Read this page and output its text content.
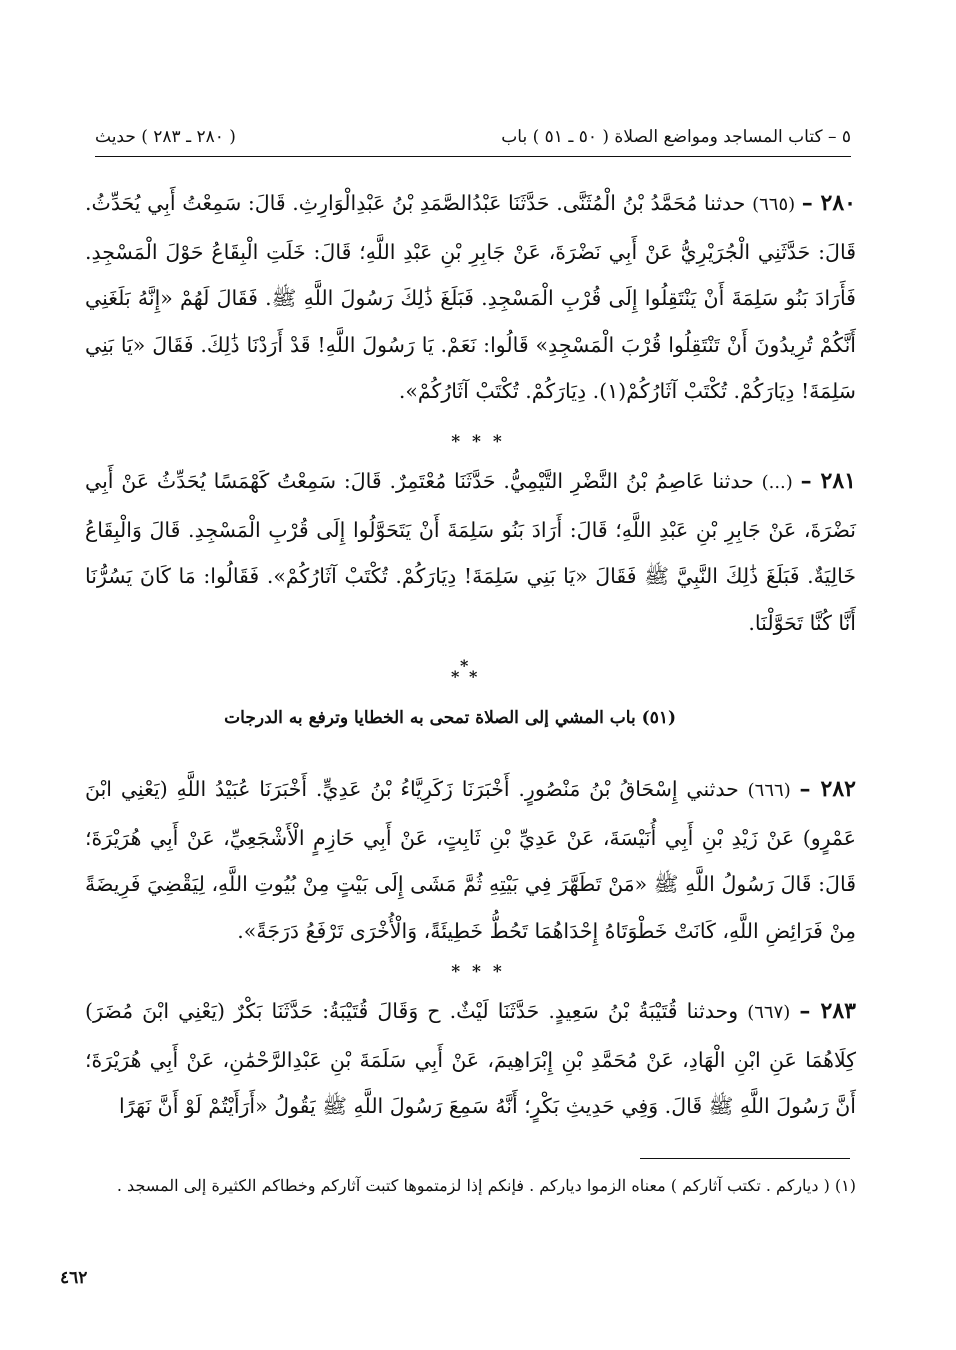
٥ – كتاب المساجد ومواضع الصلاة ( ٥٠ ـ ٥١ ) باب
( ٢٨٠ ـ ٢٨٣ ) حديث
٢٨٠ – (٦٦٥) حدثنا مُحَمَّدُ بْنُ الْمُثَنَّى. حَدَّثَنَا عَبْدُالصَّمَدِ بْنُ عَبْدِالْوَارِثِ. قَالَ: سَمِعْتُ أَبِي يُحَدِّثُ. قَالَ: حَدَّثَنِي الْجُرَيْرِيُّ عَنْ أَبِي نَضْرَةَ، عَنْ جَابِرِ بْنِ عَبْدِ اللَّهِ؛ قَالَ: خَلَتِ الْبِقَاعُ حَوْلَ الْمَسْجِدِ. فَأَرَادَ بَنُو سَلِمَةَ أَنْ يَنْتَقِلُوا إِلَى قُرْبِ الْمَسْجِدِ. فَبَلَغَ ذَٰلِكَ رَسُولَ اللَّهِ ﷺ. فَقَالَ لَهُمْ «إِنَّهُ بَلَغَنِي أَنَّكُمْ تُرِيدُونَ أَنْ تَنْتَقِلُوا قُرْبَ الْمَسْجِدِ» قَالُوا: نَعَمْ. يَا رَسُولَ اللَّهِ! قَدْ أَرَدْنَا ذَٰلِكَ. فَقَالَ «يَا بَنِي سَلِمَةَ! دِيَارَكُمْ. تُكْتَبْ آثَارُكُمْ(١). دِيَارَكُمْ. تُكْتَبْ آثَارُكُمْ».
* * *
٢٨١ – (...) حدثنا عَاصِمُ بْنُ النَّضْرِ التَّيْمِيُّ. حَدَّثَنَا مُعْتَمِرٌ. قَالَ: سَمِعْتُ كَهْمَسًا يُحَدِّثُ عَنْ أَبِي نَضْرَةَ، عَنْ جَابِرِ بْنِ عَبْدِ اللَّهِ؛ قَالَ: أَرَادَ بَنُو سَلِمَةَ أَنْ يَتَحَوَّلُوا إِلَى قُرْبِ الْمَسْجِدِ. قَالَ وَالْبِقَاعُ خَالِيَةٌ. فَبَلَغَ ذَٰلِكَ النَّبِيَّ ﷺ فَقَالَ «يَا بَنِي سَلِمَةَ! دِيَارَكُمْ. تُكْتَبْ آثَارُكُمْ». فَقَالُوا: مَا كَانَ يَسُرُّنَا أَنَّا كُنَّا تَحَوَّلْنَا.
*
* *
(٥١) باب المشي إلى الصلاة تمحى به الخطايا وترفع به الدرجات
٢٨٢ – (٦٦٦) حدثني إِسْحَاقُ بْنُ مَنْصُورٍ. أَخْبَرَنَا زَكَرِيَّاءُ بْنُ عَدِيٍّ. أَخْبَرَنَا عُبَيْدُ اللَّهِ (يَعْنِي ابْنَ عَمْرٍو) عَنْ زَيْدِ بْنِ أَبِي أُنَيْسَةَ، عَنْ عَدِيِّ بْنِ ثَابِتٍ، عَنْ أَبِي حَازِمٍ الْأَشْجَعِيِّ، عَنْ أَبِي هُرَيْرَةَ؛ قَالَ: قَالَ رَسُولُ اللَّهِ ﷺ «مَنْ تَطَهَّرَ فِي بَيْتِهِ ثُمَّ مَشَى إِلَى بَيْتٍ مِنْ بُيُوتِ اللَّهِ، لِيَقْضِيَ فَرِيضَةً مِنْ فَرَائِضِ اللَّهِ، كَانَتْ خَطْوَتَاهُ إِحْدَاهُمَا تَحُطُّ خَطِيئَةً، وَالْأُخْرَى تَرْفَعُ دَرَجَةً».
* * *
٢٨٣ – (٦٦٧) وحدثنا قُتَيْبَةُ بْنُ سَعِيدٍ. حَدَّثَنَا لَيْثٌ. ح وَقَالَ قُتَيْبَةُ: حَدَّثَنَا بَكْرٌ (يَعْنِي ابْنَ مُضَرَ) كِلَاهُمَا عَنِ ابْنِ الْهَادِ، عَنْ مُحَمَّدِ بْنِ إِبْرَاهِيمَ، عَنْ أَبِي سَلَمَةَ بْنِ عَبْدِالرَّحْمَٰنِ، عَنْ أَبِي هُرَيْرَةَ؛ أَنَّ رَسُولَ اللَّهِ ﷺ قَالَ. وَفِي حَدِيثِ بَكْرٍ؛ أَنَّهُ سَمِعَ رَسُولَ اللَّهِ ﷺ يَقُولُ «أَرَأَيْتُمْ لَوْ أَنَّ نَهَرًا
(١) ( دياركم . تكتب آثاركم ) معناه الزموا دياركم . فإنكم إذا لزمتموها كتبت آثاركم وخطاكم الكثيرة إلى المسجد .
٤٦٢
